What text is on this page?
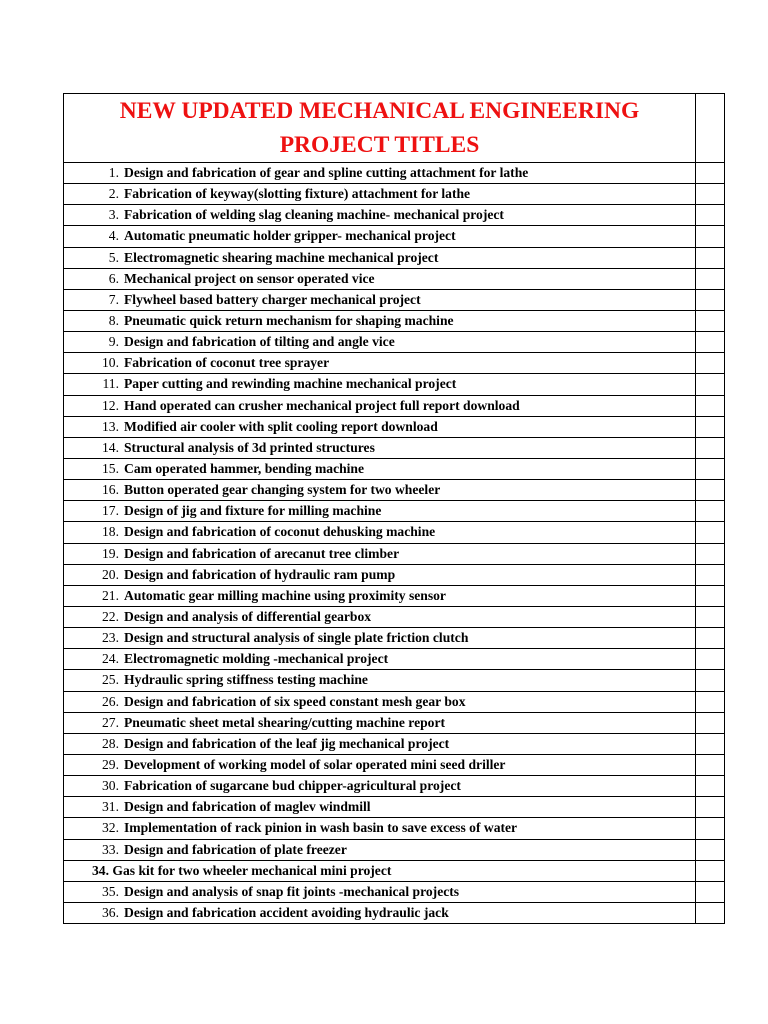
NEW UPDATED MECHANICAL ENGINEERING
PROJECT TITLES	

1. Design and fabrication of gear and spline cutting attachment for lathe	
2. Fabrication of keyway(slotting fixture) attachment for lathe	
3. Fabrication of welding slag cleaning machine- mechanical project	
4. Automatic pneumatic holder gripper- mechanical project	
5. Electromagnetic shearing machine mechanical project	
6. Mechanical project on sensor operated vice	
7. Flywheel based battery charger mechanical project	
8. Pneumatic quick return mechanism for shaping machine	
9. Design and fabrication of tilting and angle vice	
10. Fabrication of coconut tree sprayer	
11. Paper cutting and rewinding machine mechanical project	
12. Hand operated can crusher mechanical project full report download	
13. Modified air cooler with split cooling report download	
14. Structural analysis of 3d printed structures	
15. Cam operated hammer, bending machine	
16. Button operated gear changing system for two wheeler	
17. Design of jig and fixture for milling machine	
18. Design and fabrication of coconut dehusking machine	
19. Design and fabrication of arecanut tree climber	
20. Design and fabrication of hydraulic ram pump	
21. Automatic gear milling machine using proximity sensor	
22. Design and analysis of differential gearbox	
23. Design and structural analysis of single plate friction clutch	
24. Electromagnetic molding -mechanical project	
25. Hydraulic spring stiffness testing machine	
26. Design and fabrication of six speed constant mesh gear box	
27. Pneumatic sheet metal shearing/cutting machine report	
28. Design and fabrication of the leaf jig mechanical project	
29. Development of working model of solar operated mini seed driller	
30. Fabrication of sugarcane bud chipper-agricultural project	
31. Design and fabrication of maglev windmill	
32. Implementation of rack pinion in wash basin to save excess of water	
33. Design and fabrication of plate freezer	
34. Gas kit for two wheeler mechanical mini project	
35. Design and analysis of snap fit joints -mechanical projects	
36. Design and fabrication accident avoiding hydraulic jack	
